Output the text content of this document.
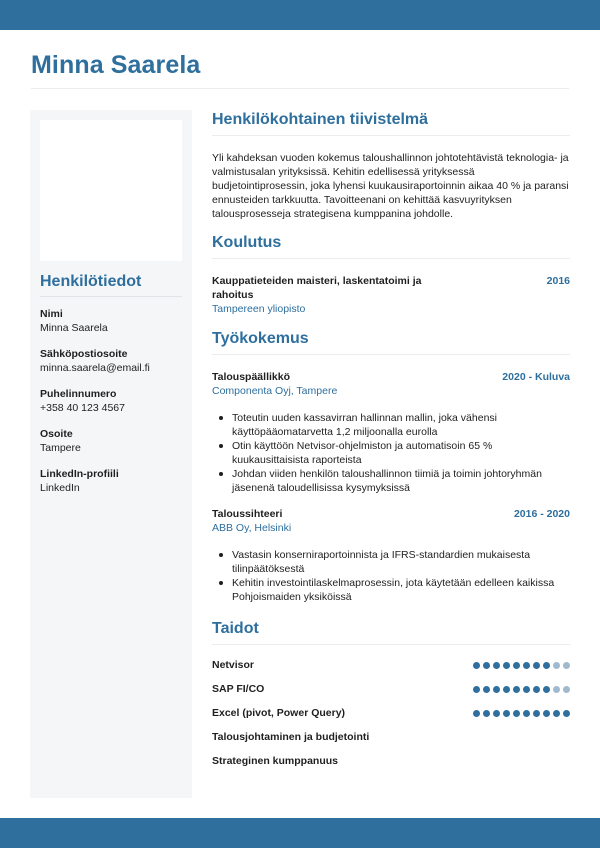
Minna Saarela
Henkilötiedot
Nimi
Minna Saarela
Sähköpostiosoite
minna.saarela@email.fi
Puhelinnumero
+358 40 123 4567
Osoite
Tampere
LinkedIn-profiili
LinkedIn
Henkilökohtainen tiivistelmä

Yli kahdeksan vuoden kokemus taloushallinnon johtotehtävistä teknologia- ja valmistusalan yrityksissä. Kehitin edellisessä yrityksessä budjetointiprosessin, joka lyhensi kuukausiraportoinnin aikaa 40 % ja paransi ennusteiden tarkkuutta. Tavoitteenani on kehittää kasvuyrityksen talousprosesseja strategisena kumppanina johdolle.

Koulutus
Kauppatieteiden maisteri, laskentatoimi ja rahoitus
2016
Tampereen yliopisto
Työkokemus
Talouspäällikkö	2020 - Kuluva
Componenta Oyj, Tampere
Toteutin uuden kassavirran hallinnan mallin, joka vähensi käyttöpääomatarvetta 1,2 miljoonalla eurolla
Otin käyttöön Netvisor-ohjelmiston ja automatisoin 65 % kuukausittaisista raporteista
Johdan viiden henkilön taloushallinnon tiimiä ja toimin johtoryhmän jäsenenä taloudellisissa kysymyksissä
Taloussihteeri	2016 - 2020
ABB Oy, Helsinki
Vastasin konserniraportoinnista ja IFRS-standardien mukaisesta tilinpäätöksestä
Kehitin investointilaskelmaprosessin, jota käytetään edelleen kaikissa Pohjoismaiden yksiköissä
Taidot
Netvisor
SAP FI/CO
Excel (pivot, Power Query)
Talousjohtaminen ja budjetointi
Strateginen kumppanuus
